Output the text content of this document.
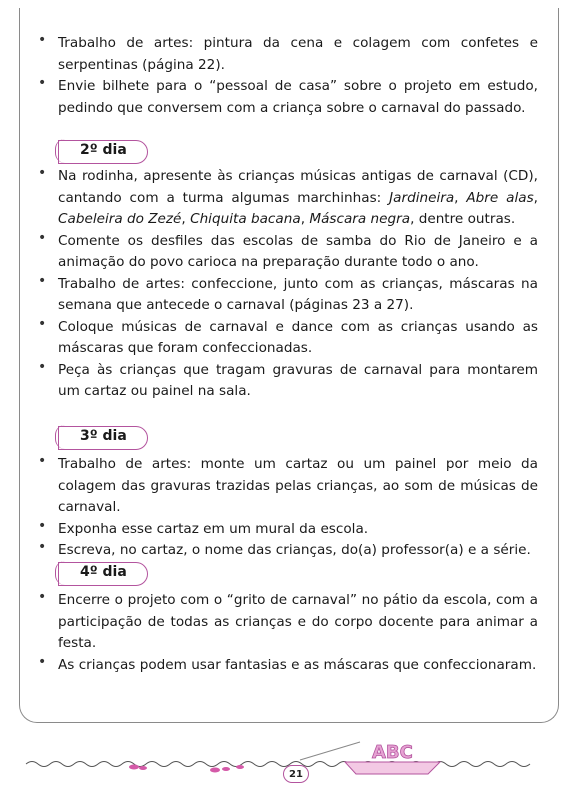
• Trabalho de artes: pintura da cena e colagem com confetes e serpentinas (página 22).
• Envie bilhete para o “pessoal de casa” sobre o projeto em estudo, pedindo que conversem com a criança sobre o carnaval do passado.
2º dia
• Na rodinha, apresente às crianças músicas antigas de carnaval (CD), cantando com a turma algumas marchinhas: Jardineira, Abre alas, Cabeleira do Zezé, Chiquita bacana, Máscara negra, dentre outras.
• Comente os desfiles das escolas de samba do Rio de Janeiro e a animação do povo carioca na preparação durante todo o ano.
• Trabalho de artes: confeccione, junto com as crianças, máscaras na semana que antecede o carnaval (páginas 23 a 27).
• Coloque músicas de carnaval e dance com as crianças usando as máscaras que foram confeccionadas.
• Peça às crianças que tragam gravuras de carnaval para montarem um cartaz ou painel na sala.
3º dia
• Trabalho de artes: monte um cartaz ou um painel por meio da colagem das gravuras trazidas pelas crianças, ao som de músicas de carnaval.
• Exponha esse cartaz em um mural da escola.
• Escreva, no cartaz, o nome das crianças, do(a) professor(a) e a série.
4º dia
• Encerre o projeto com o “grito de carnaval” no pátio da escola, com a participação de todas as crianças e do corpo docente para animar a festa.
• As crianças podem usar fantasias e as máscaras que confeccionaram.
ABC
21
